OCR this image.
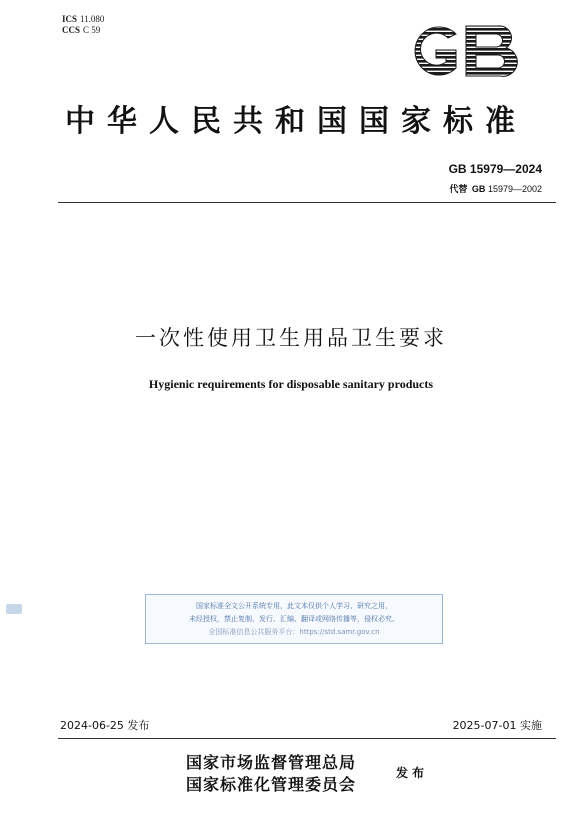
ICS 11.080
CCS C 59
中华人民共和国国家标准
GB 15979—2024
代替 GB 15979—2002
一次性使用卫生用品卫生要求
Hygienic requirements for disposable sanitary products
国家标准全文公开系统专用，此文本仅供个人学习、研究之用，
未经授权，禁止复制、发行、汇编、翻译或网络传播等，侵权必究。
全国标准信息公共服务平台：https://std.samr.gov.cn
2024-06-25 发布	2025-07-01 实施
国家市场监督管理总局
国家标准化管理委员会
发布
